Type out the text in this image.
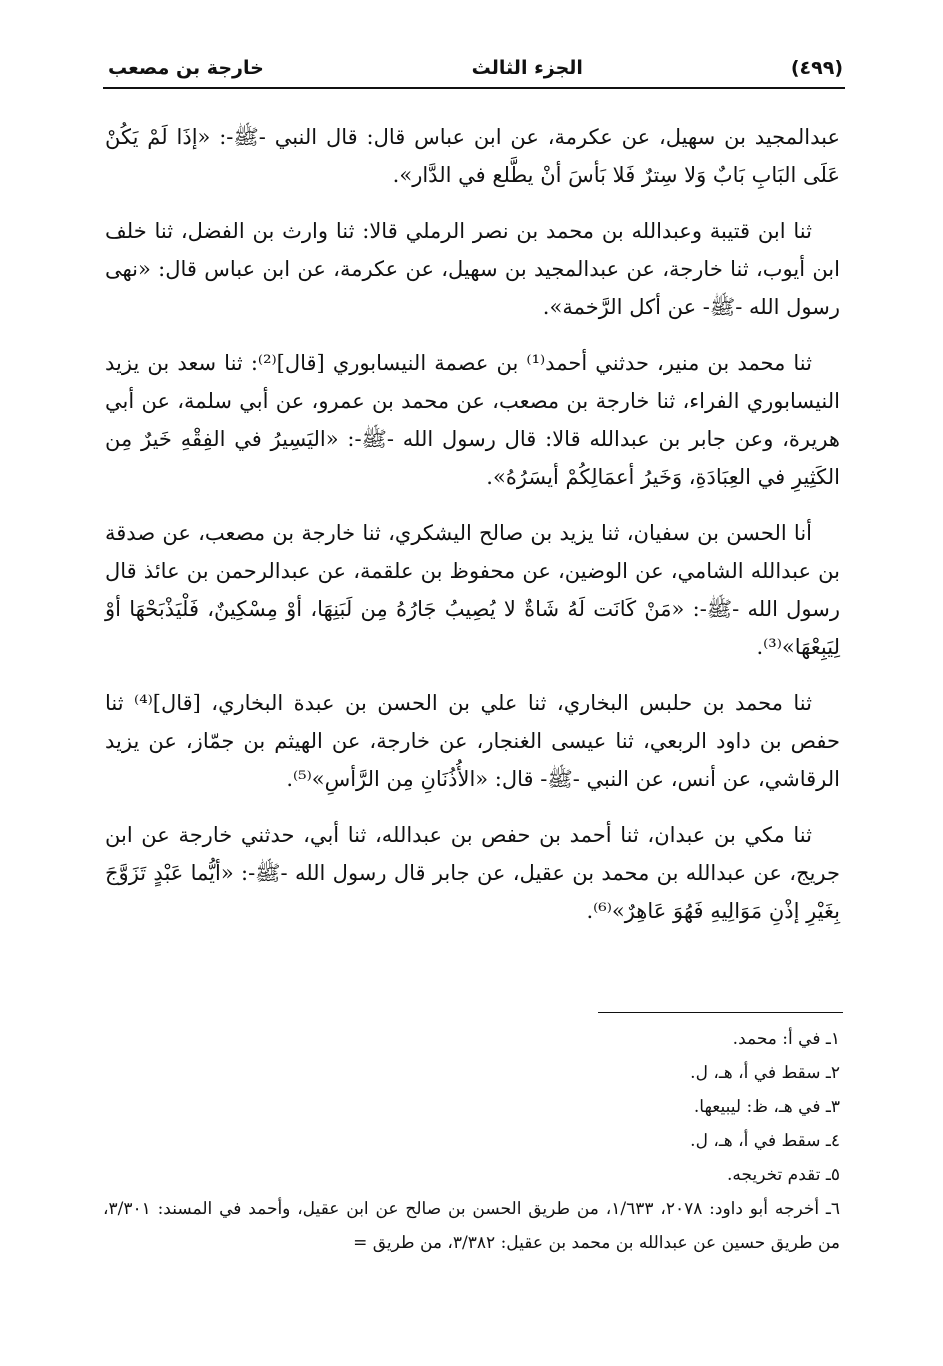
خارجة بن مصعب	الجزء الثالث	(٤٩٩)

عبدالمجيد بن سهيل، عن عكرمة، عن ابن عباس قال: قال النبي -ﷺ-: «إذَا لَمْ يَكُنْ عَلَى البَابِ بَابٌ وَلا سِترٌ فَلا بَأسَ أنْ يطَّلع في الدَّار».

ثنا ابن قتيبة وعبدالله بن محمد بن نصر الرملي قالا: ثنا وارث بن الفضل، ثنا خلف ابن أيوب، ثنا خارجة، عن عبدالمجيد بن سهيل، عن عكرمة، عن ابن عباس قال: «نهى رسول الله -ﷺ- عن أكل الرَّخمة».

ثنا محمد بن منير، حدثني أحمد⁽¹⁾ بن عصمة النيسابوري [قال]⁽²⁾: ثنا سعد بن يزيد النيسابوري الفراء، ثنا خارجة بن مصعب، عن محمد بن عمرو، عن أبي سلمة، عن أبي هريرة، وعن جابر بن عبدالله قالا: قال رسول الله -ﷺ-: «اليَسِيرُ في الفِقْهِ خَيرٌ مِن الكَثِيرِ في العِبَادَةِ، وَخَيرُ أعمَالِكُمْ أيسَرُهُ».

أنا الحسن بن سفيان، ثنا يزيد بن صالح اليشكري، ثنا خارجة بن مصعب، عن صدقة بن عبدالله الشامي، عن الوضين، عن محفوظ بن علقمة، عن عبدالرحمن بن عائذ قال رسول الله -ﷺ-: «مَنْ كَانَت لَهُ شَاةٌ لا يُصِيبُ جَارُهُ مِن لَبَنِهَا، أوْ مِسْكِينٌ، فَلْيَذْبَحْهَا أوْ لِيَبِعْهَا»⁽³⁾.

ثنا محمد بن حلبس البخاري، ثنا علي بن الحسن بن عبدة البخاري، [قال]⁽⁴⁾ ثنا حفص بن داود الربعي، ثنا عيسى الغنجار، عن خارجة، عن الهيثم بن جمّاز، عن يزيد الرقاشي، عن أنس، عن النبي -ﷺ- قال: «الأُذُنَانِ مِن الرَّأسِ»⁽⁵⁾.

ثنا مكي بن عبدان، ثنا أحمد بن حفص بن عبدالله، ثنا أبي، حدثني خارجة عن ابن جريج، عن عبدالله بن محمد بن عقيل، عن جابر قال رسول الله -ﷺ-: «أيُّما عَبْدٍ تَزَوَّجَ بِغَيْرِ إذْنِ مَوَالِيهِ فَهُوَ عَاهِرٌ»⁽⁶⁾.

١ـ في أ: محمد.

٢ـ سقط في أ، هـ، ل.

٣ـ في هـ، ظ: ليبيعها.

٤ـ سقط في أ، هـ، ل.

٥ـ تقدم تخريجه.

٦ـ أخرجه أبو داود: ٢٠٧٨، ١/٦٣٣، من طريق الحسن بن صالح عن ابن عقيل، وأحمد في المسند: ٣/٣٠١، من طريق حسين عن عبدالله بن محمد بن عقيل: ٣/٣٨٢، من طريق =
